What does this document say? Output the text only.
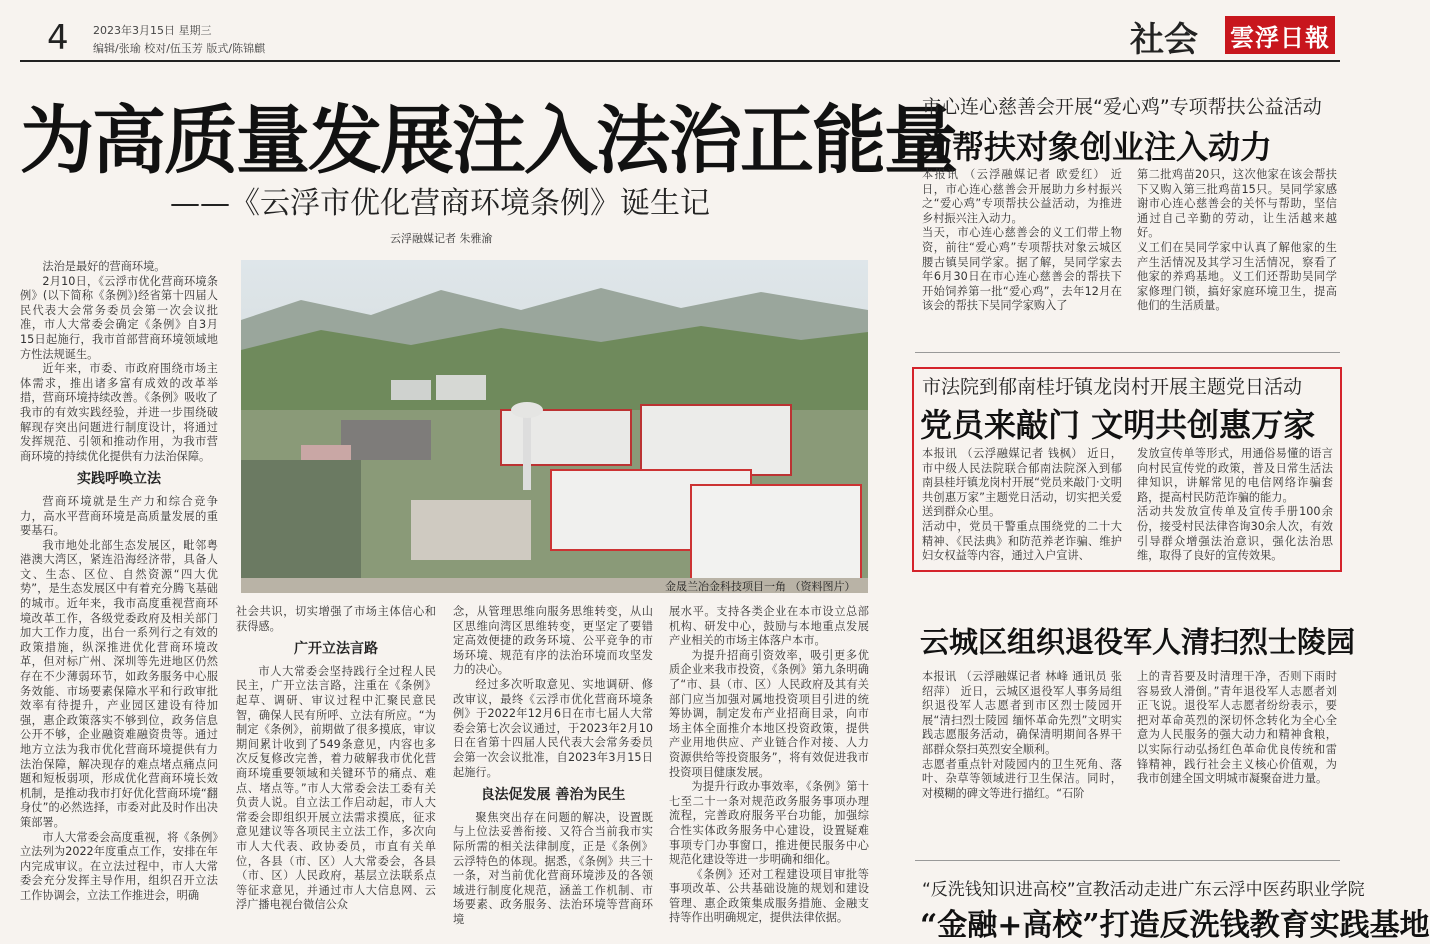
4 2023年3月15日 星期三
编辑/张瑜 校对/伍玉芳 版式/陈锦麒	社会 雲浮日報
为高质量发展注入法治正能量
——《云浮市优化营商环境条例》诞生记
云浮融媒记者 朱雅渝

法治是最好的营商环境。

2月10日，《云浮市优化营商环境条例》(以下简称《条例》)经省第十四届人民代表大会常务委员会第一次会议批准，市人大常委会确定《条例》自3月15日起施行，我市首部营商环境领域地方性法规诞生。

近年来，市委、市政府围绕市场主体需求，推出诸多富有成效的改革举措，营商环境持续改善。《条例》吸收了我市的有效实践经验，并进一步围绕破解现存突出问题进行制度设计，将通过发挥规范、引领和推动作用，为我市营商环境的持续优化提供有力法治保障。

实践呼唤立法

营商环境就是生产力和综合竞争力，高水平营商环境是高质量发展的重要基石。

我市地处北部生态发展区，毗邻粤港澳大湾区，紧连沿海经济带，具备人文、生态、区位、自然资源“四大优势”，是生态发展区中有着充分腾飞基础的城市。近年来，我市高度重视营商环境改革工作，各级党委政府及相关部门加大工作力度，出台一系列行之有效的政策措施，纵深推进优化营商环境改革，但对标广州、深圳等先进地区仍然存在不少薄弱环节，如政务服务中心服务效能、市场要素保障水平和行政审批效率有待提升，产业园区建设有待加强，惠企政策落实不够到位，政务信息公开不够，企业融资难融资贵等。通过地方立法为我市优化营商环境提供有力法治保障，解决现存的难点堵点痛点问题和短板弱项，形成优化营商环境长效机制，是推动我市打好优化营商环境“翻身仗”的必然选择，市委对此及时作出决策部署。

市人大常委会高度重视，将《条例》立法列为2022年度重点工作，安排在年内完成审议。在立法过程中，市人大常委会充分发挥主导作用，组织召开立法工作协调会，立法工作推进会，明确

金晟兰冶金科技项目一角 （资料图片）

社会共识，切实增强了市场主体信心和获得感。

广开立法言路

市人大常委会坚持践行全过程人民民主，广开立法言路，注重在《条例》起草、调研、审议过程中汇聚民意民智，确保人民有所呼、立法有所应。“为制定《条例》，前期做了很多摸底，审议期间累计收到了549条意见，内容也多次反复修改完善，着力破解我市优化营商环境重要领域和关键环节的痛点、难点、堵点等。”市人大常委会法工委有关负责人说。自立法工作启动起，市人大常委会即组织开展立法需求摸底，征求意见建议等各项民主立法工作，多次向市人大代表、政协委员，市直有关单位，各县（市、区）人大常委会，各县（市、区）人民政府，基层立法联系点等征求意见，并通过市人大信息网、云浮广播电视台微信公众

念，从管理思维向服务思维转变，从山区思维向湾区思维转变，更坚定了要错定高效便捷的政务环境、公平竞争的市场环境、规范有序的法治环境而攻坚发力的决心。

经过多次听取意见、实地调研、修改审议，最终《云浮市优化营商环境条例》于2022年12月6日在市七届人大常委会第七次会议通过，于2023年2月10日在省第十四届人民代表大会常务委员会第一次会议批准，自2023年3月15日起施行。

良法促发展 善治为民生

聚焦突出存在问题的解决，设置既与上位法妥善衔接、又符合当前我市实际所需的相关法律制度，正是《条例》云浮特色的体现。据悉，《条例》共三十一条，对当前优化营商环境涉及的各领域进行制度化规范，涵盖工作机制、市场要素、政务服务、法治环境等营商环境

展水平。支持各类企业在本市设立总部机构、研发中心，鼓励与本地重点发展产业相关的市场主体落户本市。

为提升招商引资效率，吸引更多优质企业来我市投资，《条例》第九条明确了“市、县（市、区）人民政府及其有关部门应当加强对属地投资项目引进的统筹协调，制定发布产业招商目录，向市场主体全面推介本地区投资政策，提供产业用地供应、产业链合作对接、人力资源供给等投资服务”，将有效促进我市投资项目健康发展。

为提升行政办事效率，《条例》第十七至二十一条对规范政务服务事项办理流程，完善政府服务平台功能，加强综合性实体政务服务中心建设，设置疑难事项专门办事窗口，推进便民服务中心规范化建设等进一步明确和细化。

《条例》还对工程建设项目审批等事项改革、公共基础设施的规划和建设管理、惠企政策集成服务措施、金融支持等作出明确规定，提供法律依据。

市心连心慈善会开展“爱心鸡”专项帮扶公益活动
为帮扶对象创业注入动力
本报讯 （云浮融媒记者 欧爱红） 近日，市心连心慈善会开展助力乡村振兴之“爱心鸡”专项帮扶公益活动，为推进乡村振兴注入动力。
当天，市心连心慈善会的义工们带上物资，前往“爱心鸡”专项帮扶对象云城区腰古镇吴同学家。据了解，吴同学家去年6月30日在市心连心慈善会的帮扶下开始饲养第一批“爱心鸡”，去年12月在该会的帮扶下吴同学家购入了
第二批鸡苗20只，这次他家在该会帮扶下又购入第三批鸡苗15只。吴同学家感谢市心连心慈善会的关怀与帮助，坚信通过自己辛勤的劳动，让生活越来越好。
义工们在吴同学家中认真了解他家的生产生活情况及其学习生活情况，察看了他家的养鸡基地。义工们还帮助吴同学家修理门锁，搞好家庭环境卫生，提高他们的生活质量。
市法院到郁南桂圩镇龙岗村开展主题党日活动
党员来敲门 文明共创惠万家
本报讯 （云浮融媒记者 钱枫） 近日，市中级人民法院联合郁南法院深入到郁南县桂圩镇龙岗村开展“党员来敲门·文明共创惠万家”主题党日活动，切实把关爱送到群众心里。
活动中，党员干警重点围绕党的二十大精神、《民法典》和防范养老诈骗、维护妇女权益等内容，通过入户宣讲、
发放宣传单等形式，用通俗易懂的语言向村民宣传党的政策，普及日常生活法律知识，讲解常见的电信网络诈骗套路，提高村民防范诈骗的能力。
活动共发放宣传单及宣传手册100余份，接受村民法律咨询30余人次，有效引导群众增强法治意识，强化法治思维，取得了良好的宣传效果。
云城区组织退役军人清扫烈士陵园
本报讯 （云浮融媒记者 林峰 通讯员 张绍萍） 近日，云城区退役军人事务局组织退役军人志愿者到市区烈士陵园开展“清扫烈士陵园 缅怀革命先烈”文明实践志愿服务活动，确保清明期间各界干部群众祭扫英烈安全顺利。
志愿者重点针对陵园内的卫生死角、落叶、杂草等领域进行卫生保洁。同时，对模糊的碑文等进行描红。“石阶
上的青苔要及时清理干净，否则下雨时容易致人滑倒。”青年退役军人志愿者刘正飞说。退役军人志愿者纷纷表示，要把对革命英烈的深切怀念转化为全心全意为人民服务的强大动力和精神食粮，以实际行动弘扬红色革命优良传统和雷锋精神，践行社会主义核心价值观，为我市创建全国文明城市凝聚奋进力量。
“反洗钱知识进高校”宣教活动走进广东云浮中医药职业学院
“金融+高校”打造反洗钱教育实践基地
